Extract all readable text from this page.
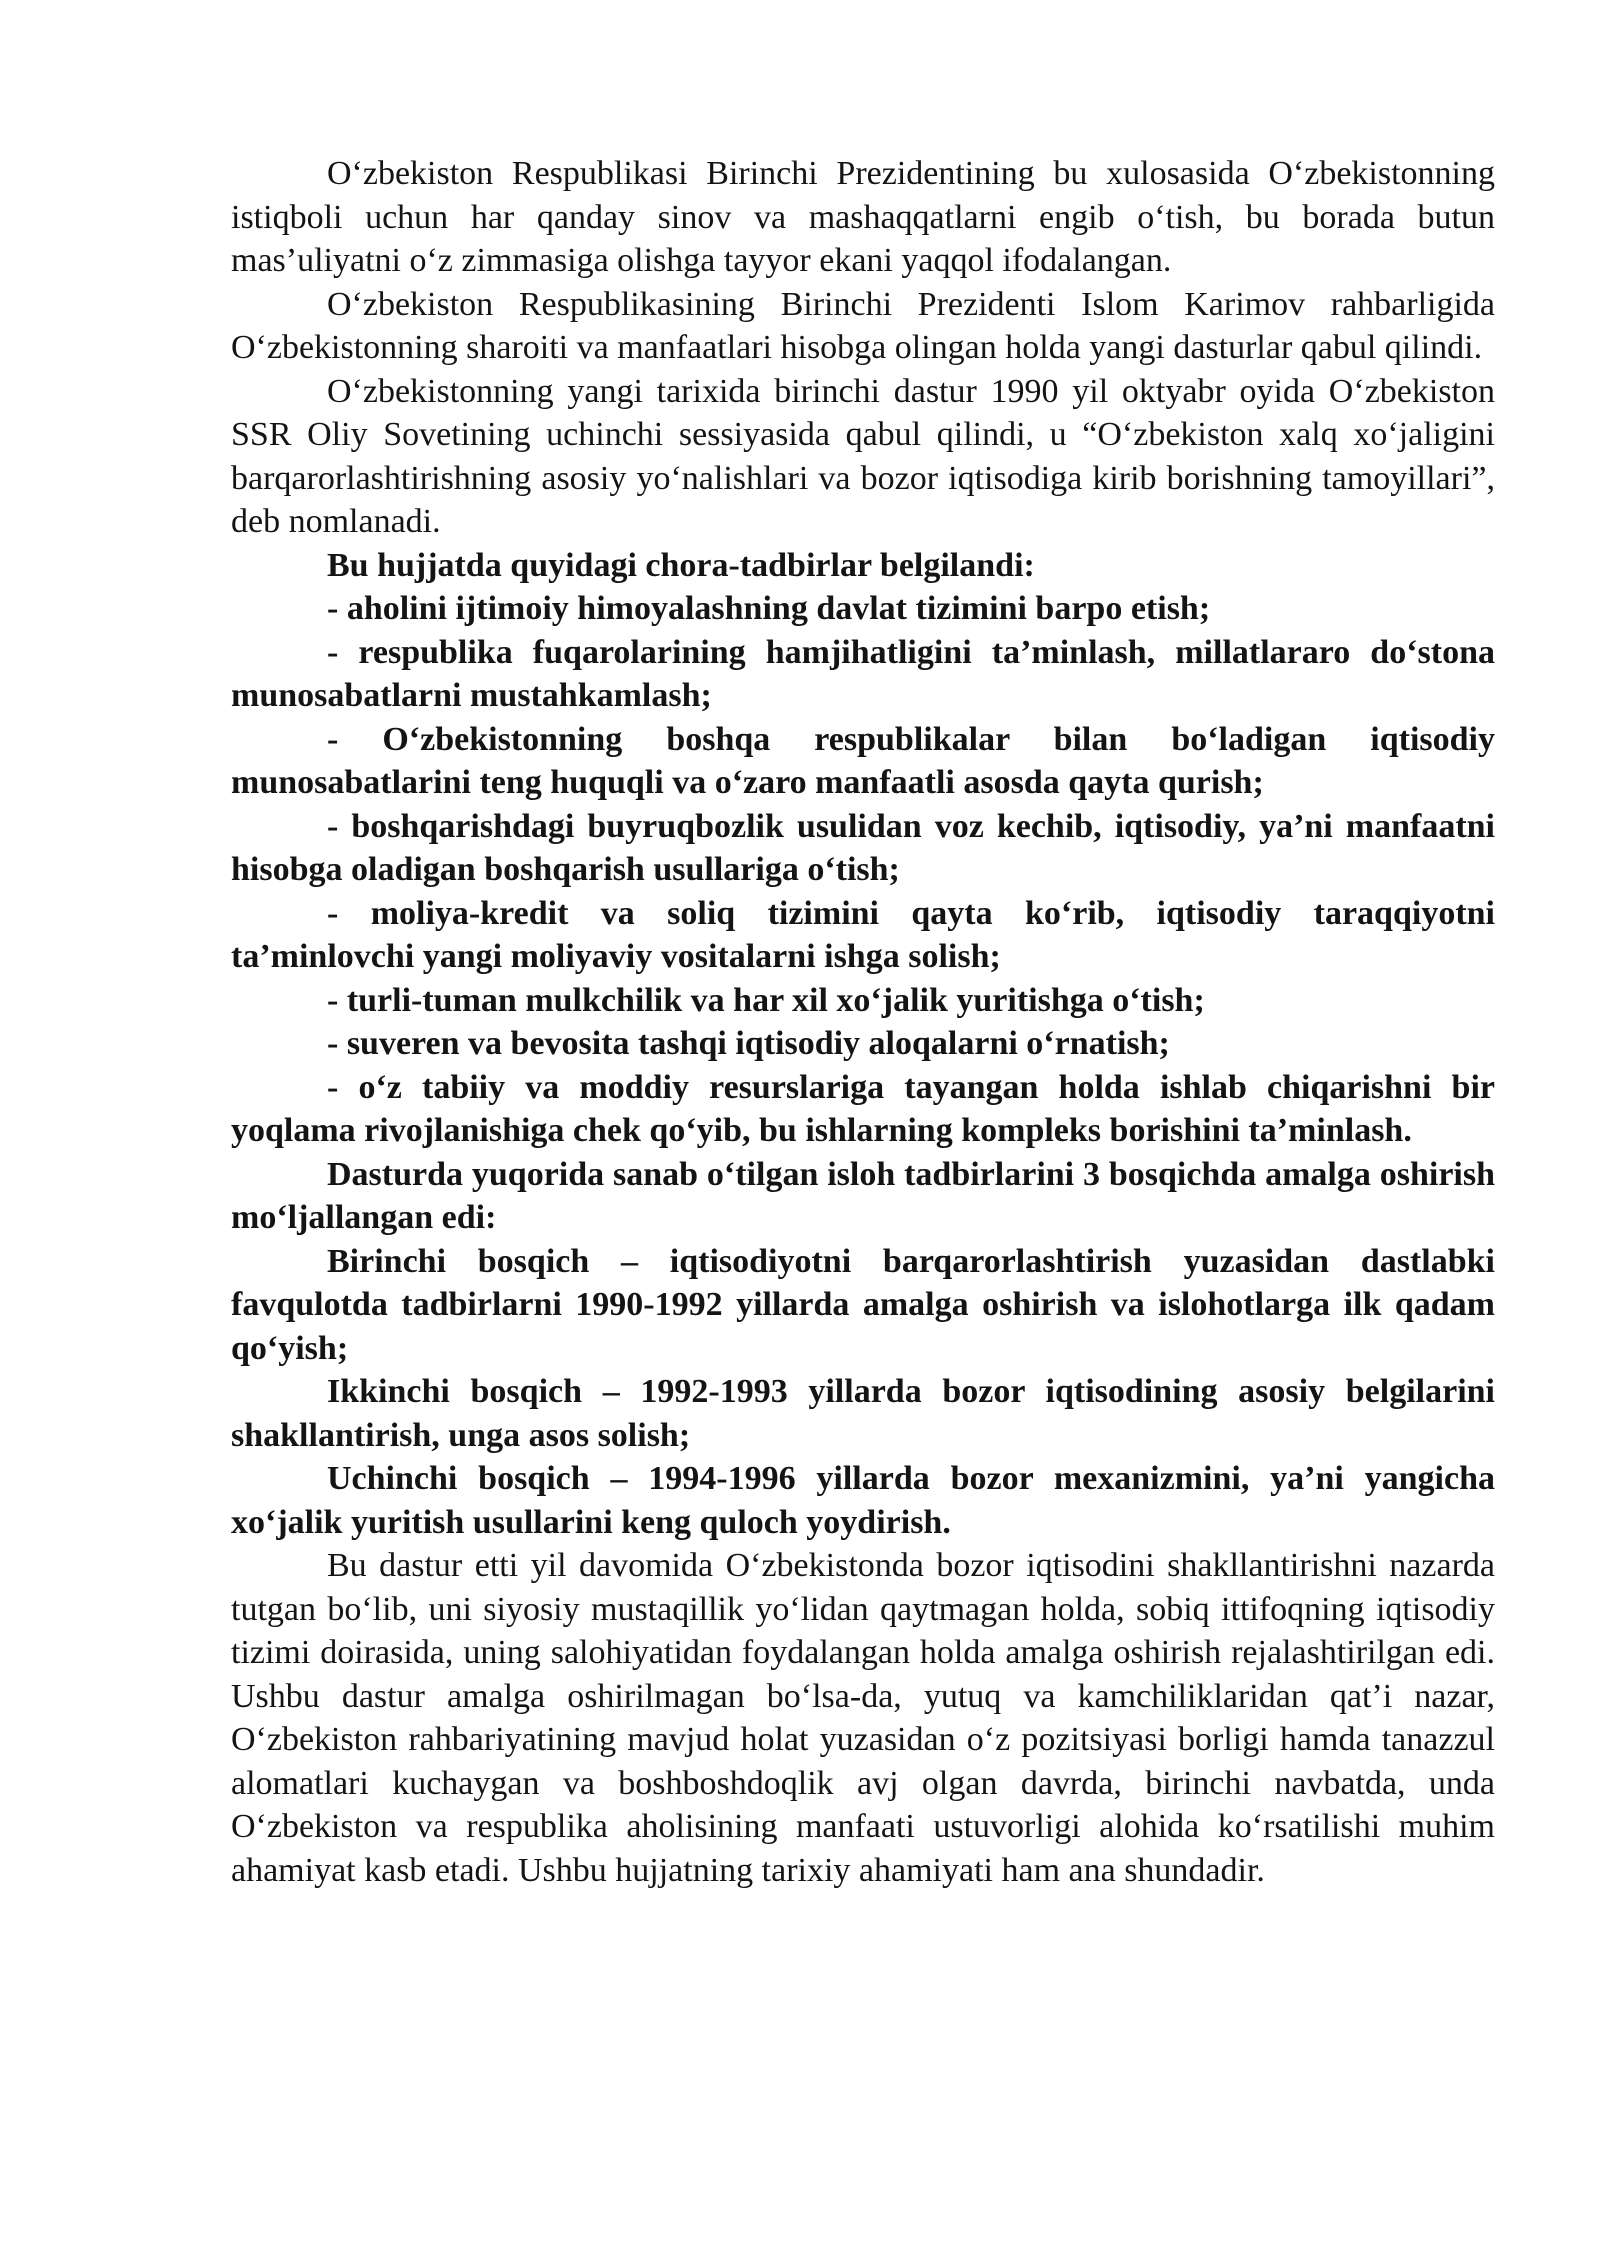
O‘zbekiston Respublikasi Birinchi Prezidentining bu xulosasida O‘zbekistonning istiqboli uchun har qanday sinov va mashaqqatlarni engib o‘tish, bu borada butun mas’uliyatni o‘z zimmasiga olishga tayyor ekani yaqqol ifodalangan.

O‘zbekiston Respublikasining Birinchi Prezidenti Islom Karimov rahbarligida O‘zbekistonning sharoiti va manfaatlari hisobga olingan holda yangi dasturlar qabul qilindi.

O‘zbekistonning yangi tarixida birinchi dastur 1990 yil oktyabr oyida O‘zbekiston SSR Oliy Sovetining uchinchi sessiyasida qabul qilindi, u “O‘zbekiston xalq xo‘jaligini barqarorlashtirishning asosiy yo‘nalishlari va bozor iqtisodiga kirib borishning tamoyillari”, deb nomlanadi.

Bu hujjatda quyidagi chora-tadbirlar belgilandi:

- aholini ijtimoiy himoyalashning davlat tizimini barpo etish;

- respublika fuqarolarining hamjihatligini ta’minlash, millatlararo do‘stona munosabatlarni mustahkamlash;

- O‘zbekistonning boshqa respublikalar bilan bo‘ladigan iqtisodiy munosabatlarini teng huquqli va o‘zaro manfaatli asosda qayta qurish;

- boshqarishdagi buyruqbozlik usulidan voz kechib, iqtisodiy, ya’ni manfaatni hisobga oladigan boshqarish usullariga o‘tish;

- moliya-kredit va soliq tizimini qayta ko‘rib, iqtisodiy taraqqiyotni ta’minlovchi yangi moliyaviy vositalarni ishga solish;

- turli-tuman mulkchilik va har xil xo‘jalik yuritishga o‘tish;

- suveren va bevosita tashqi iqtisodiy aloqalarni o‘rnatish;

- o‘z tabiiy va moddiy resurslariga tayangan holda ishlab chiqarishni bir yoqlama rivojlanishiga chek qo‘yib, bu ishlarning kompleks borishini ta’minlash.

Dasturda yuqorida sanab o‘tilgan isloh tadbirlarini 3 bosqichda amalga oshirish mo‘ljallangan edi:

Birinchi bosqich – iqtisodiyotni barqarorlashtirish yuzasidan dastlabki favqulotda tadbirlarni 1990-1992 yillarda amalga oshirish va islohotlarga ilk qadam qo‘yish;

Ikkinchi bosqich – 1992-1993 yillarda bozor iqtisodining asosiy belgilarini shakllantirish, unga asos solish;

Uchinchi bosqich – 1994-1996 yillarda bozor mexanizmini, ya’ni yangicha xo‘jalik yuritish usullarini keng quloch yoydirish.

Bu dastur etti yil davomida O‘zbekistonda bozor iqtisodini shakllantirishni nazarda tutgan bo‘lib, uni siyosiy mustaqillik yo‘lidan qaytmagan holda, sobiq ittifoqning iqtisodiy tizimi doirasida, uning salohiyatidan foydalangan holda amalga oshirish rejalashtirilgan edi. Ushbu dastur amalga oshirilmagan bo‘lsa-da, yutuq va kamchiliklaridan qat’i nazar, O‘zbekiston rahbariyatining mavjud holat yuzasidan o‘z pozitsiyasi borligi hamda tanazzul alomatlari kuchaygan va boshboshdoqlik avj olgan davrda, birinchi navbatda, unda O‘zbekiston va respublika aholisining manfaati ustuvorligi alohida ko‘rsatilishi muhim ahamiyat kasb etadi. Ushbu hujjatning tarixiy ahamiyati ham ana shundadir.
